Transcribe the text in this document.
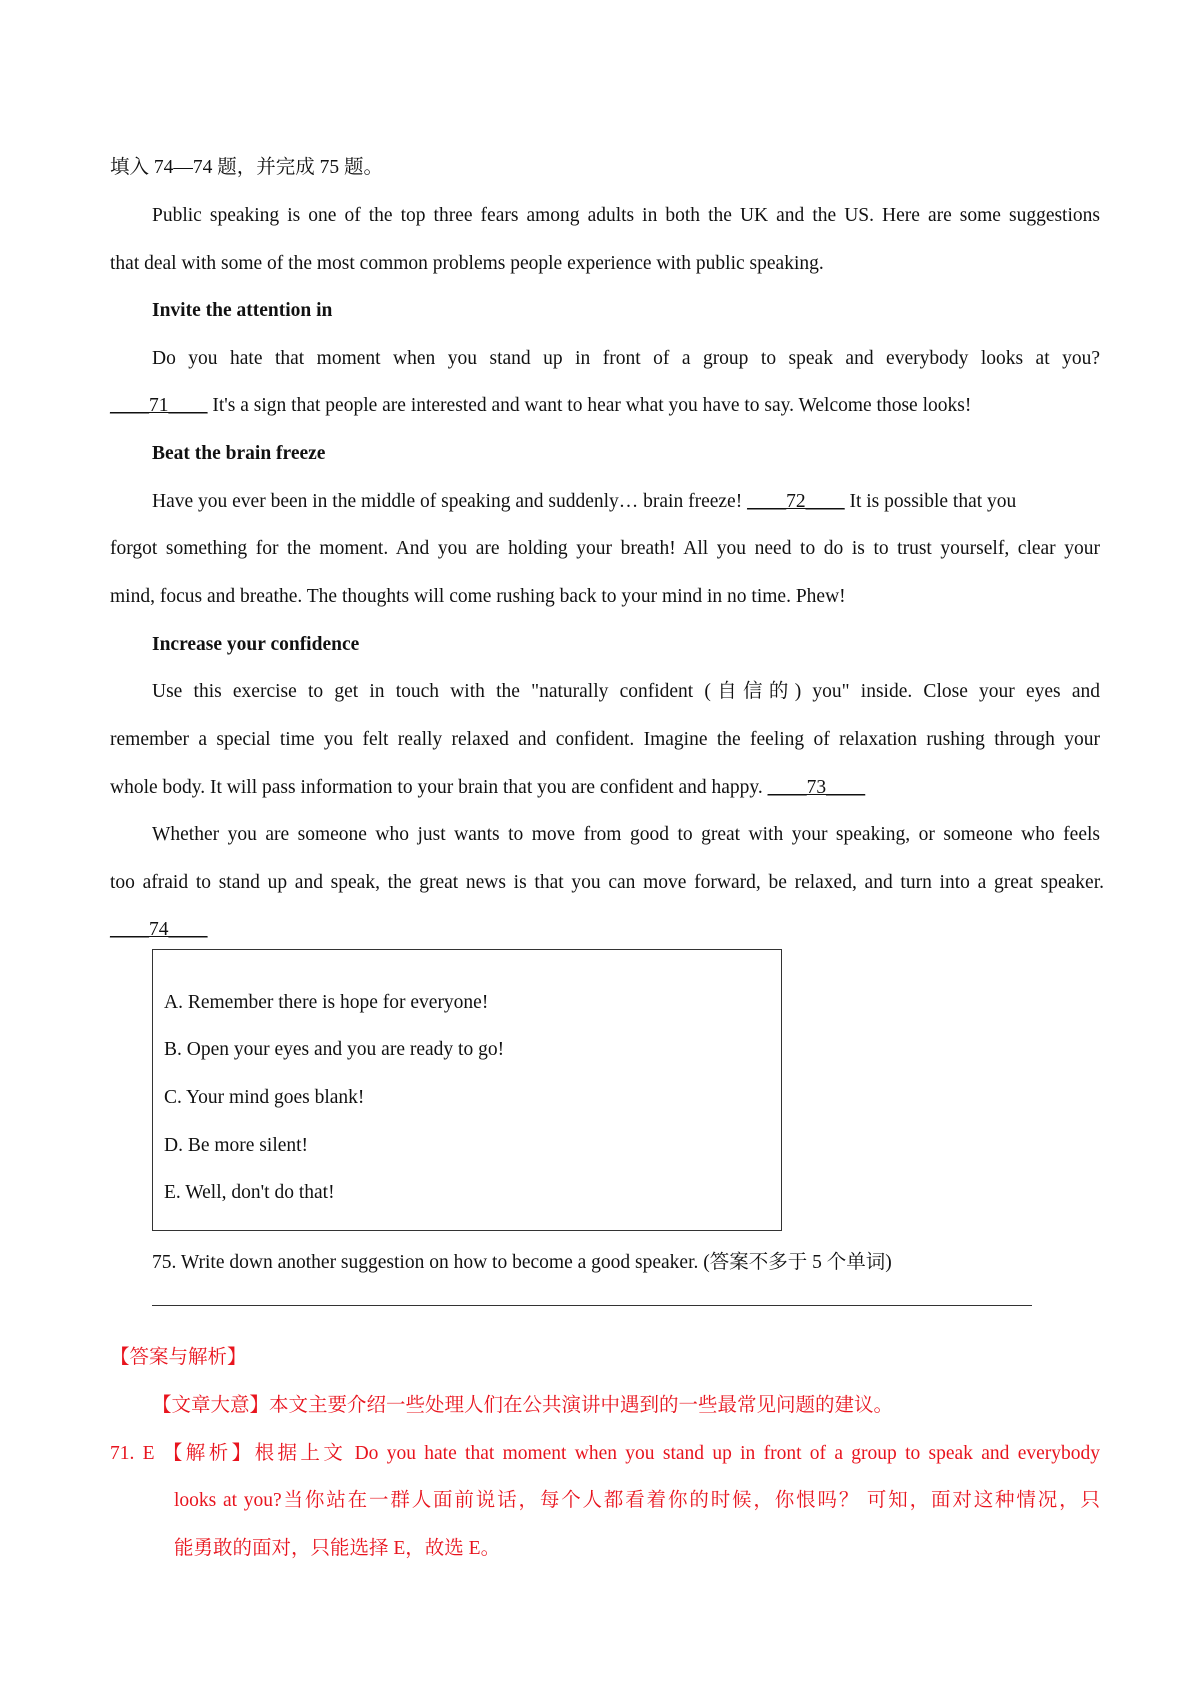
填入 74—74 题，并完成 75 题。
Public speaking is one of the top three fears among adults in both the UK and the US. Here are some suggestions
that deal with some of the most common problems people experience with public speaking.
Invite the attention in
Do you hate that moment when you stand up in front of a group to speak and everybody looks at you?
____71____ It's a sign that people are interested and want to hear what you have to say. Welcome those looks!
Beat the brain freeze
Have you ever been in the middle of speaking and suddenly… brain freeze! ____72____ It is possible that you
forgot something for the moment. And you are holding your breath! All you need to do is to trust yourself, clear your
mind, focus and breathe. The thoughts will come rushing back to your mind in no time. Phew!
Increase your confidence
Use this exercise to get in touch with the "naturally confident (自信的) you" inside. Close your eyes and
remember a special time you felt really relaxed and confident. Imagine the feeling of relaxation rushing through your
whole body. It will pass information to your brain that you are confident and happy. ____73____
Whether you are someone who just wants to move from good to great with your speaking, or someone who feels
too afraid to stand up and speak, the great news is that you can move forward, be relaxed, and turn into a great speaker.
____74____
A. Remember there is hope for everyone!
B. Open your eyes and you are ready to go!
C. Your mind goes blank!
D. Be more silent!
E. Well, don't do that!
75. Write down another suggestion on how to become a good speaker. (答案不多于 5 个单词)
【答案与解析】
【文章大意】本文主要介绍一些处理人们在公共演讲中遇到的一些最常见问题的建议。
71. E 【解析】根据上文 Do you hate that moment when you stand up in front of a group to speak and everybody
looks at you?当你站在一群人面前说话，每个人都看着你的时候，你恨吗？ 可知，面对这种情况，只
能勇敢的面对，只能选择 E，故选 E。
